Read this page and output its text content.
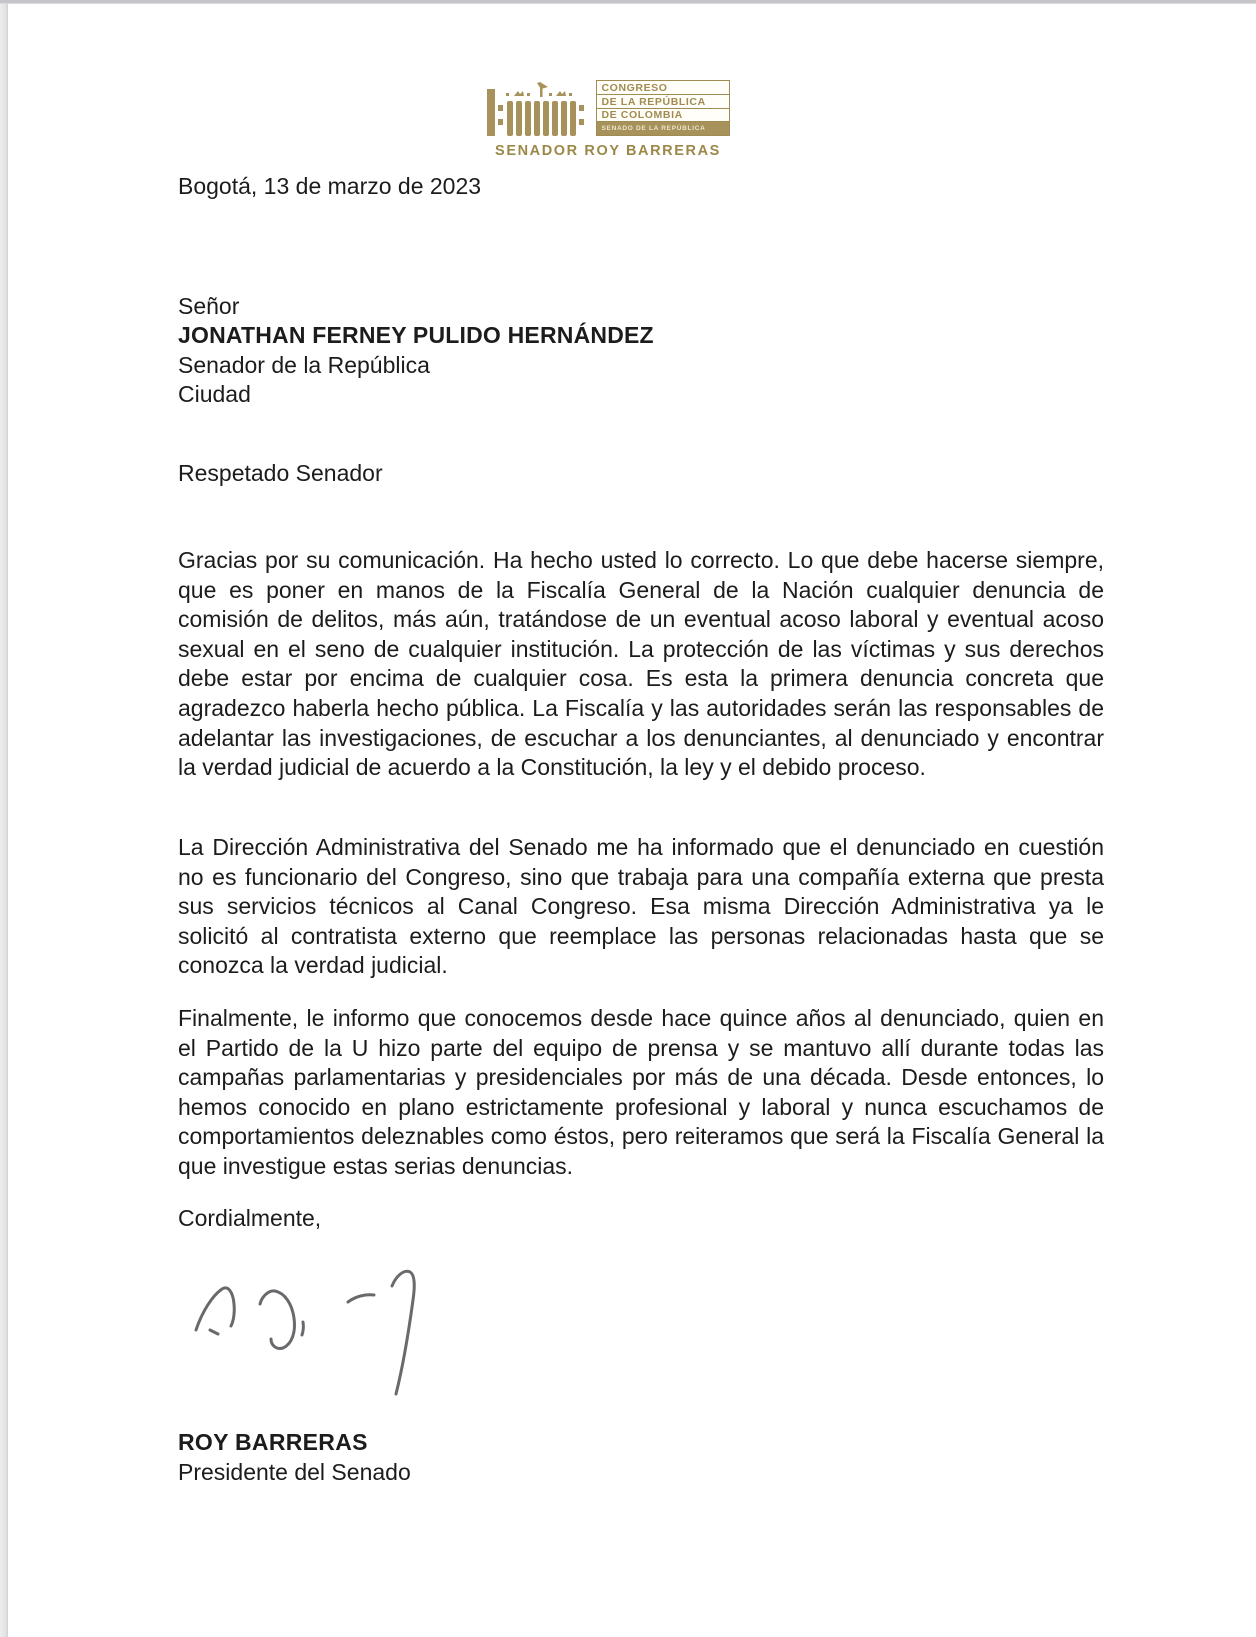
CONGRESO
DE LA REPÚBLICA
DE COLOMBIA
SENADO DE LA REPÚBLICA
SENADOR ROY BARRERAS
Bogotá, 13 de marzo de 2023
Señor
JONATHAN FERNEY PULIDO HERNÁNDEZ
Senador de la República
Ciudad
Respetado Senador

Gracias por su comunicación. Ha hecho usted lo correcto. Lo que debe hacerse siempre, que es poner en manos de la Fiscalía General de la Nación cualquier denuncia de comisión de delitos, más aún, tratándose de un eventual acoso laboral y eventual acoso sexual en el seno de cualquier institución. La protección de las víctimas y sus derechos debe estar por encima de cualquier cosa. Es esta la primera denuncia concreta que agradezco haberla hecho pública. La Fiscalía y las autoridades serán las responsables de adelantar las investigaciones, de escuchar a los denunciantes, al denunciado y encontrar la verdad judicial de acuerdo a la Constitución, la ley y el debido proceso.

La Dirección Administrativa del Senado me ha informado que el denunciado en cuestión no es funcionario del Congreso, sino que trabaja para una compañía externa que presta sus servicios técnicos al Canal Congreso. Esa misma Dirección Administrativa ya le solicitó al contratista externo que reemplace las personas relacionadas hasta que se conozca la verdad judicial.

Finalmente, le informo que conocemos desde hace quince años al denunciado, quien en el Partido de la U hizo parte del equipo de prensa y se mantuvo allí durante todas las campañas parlamentarias y presidenciales por más de una década. Desde entonces, lo hemos conocido en plano estrictamente profesional y laboral y nunca escuchamos de comportamientos deleznables como éstos, pero reiteramos que será la Fiscalía General la que investigue estas serias denuncias.

Cordialmente,
ROY BARRERAS
Presidente del Senado
